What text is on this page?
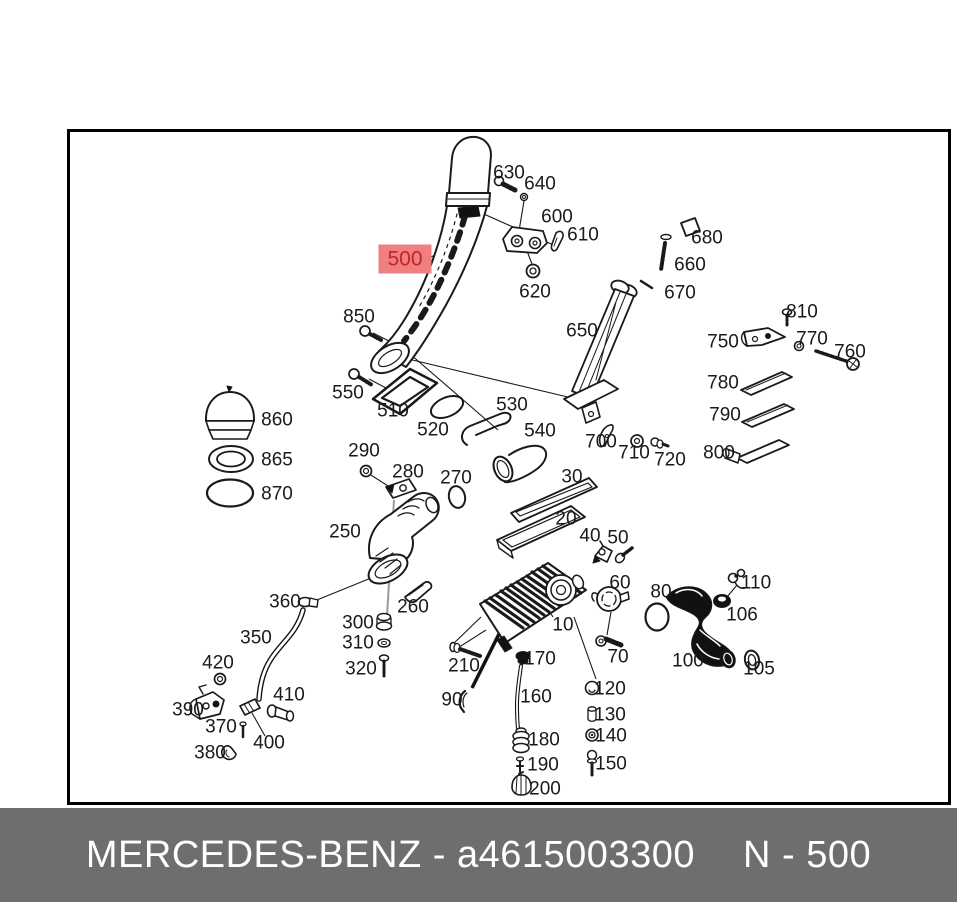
500
630
640
600
610
620
680
660
670
650
810
750	770
760
780
790
800
850
550
510
520
530
540
700
710 720
860
865
870
290
280 270
250
360	260
300
310
320
350
420
390
410
370
400
380
30
20
40 50
60 80
70
10
210
90
170
160
180
190
200
120
130
140
150
110
106
100 105
MERCEDES-BENZ - a4615003300 N - 500
